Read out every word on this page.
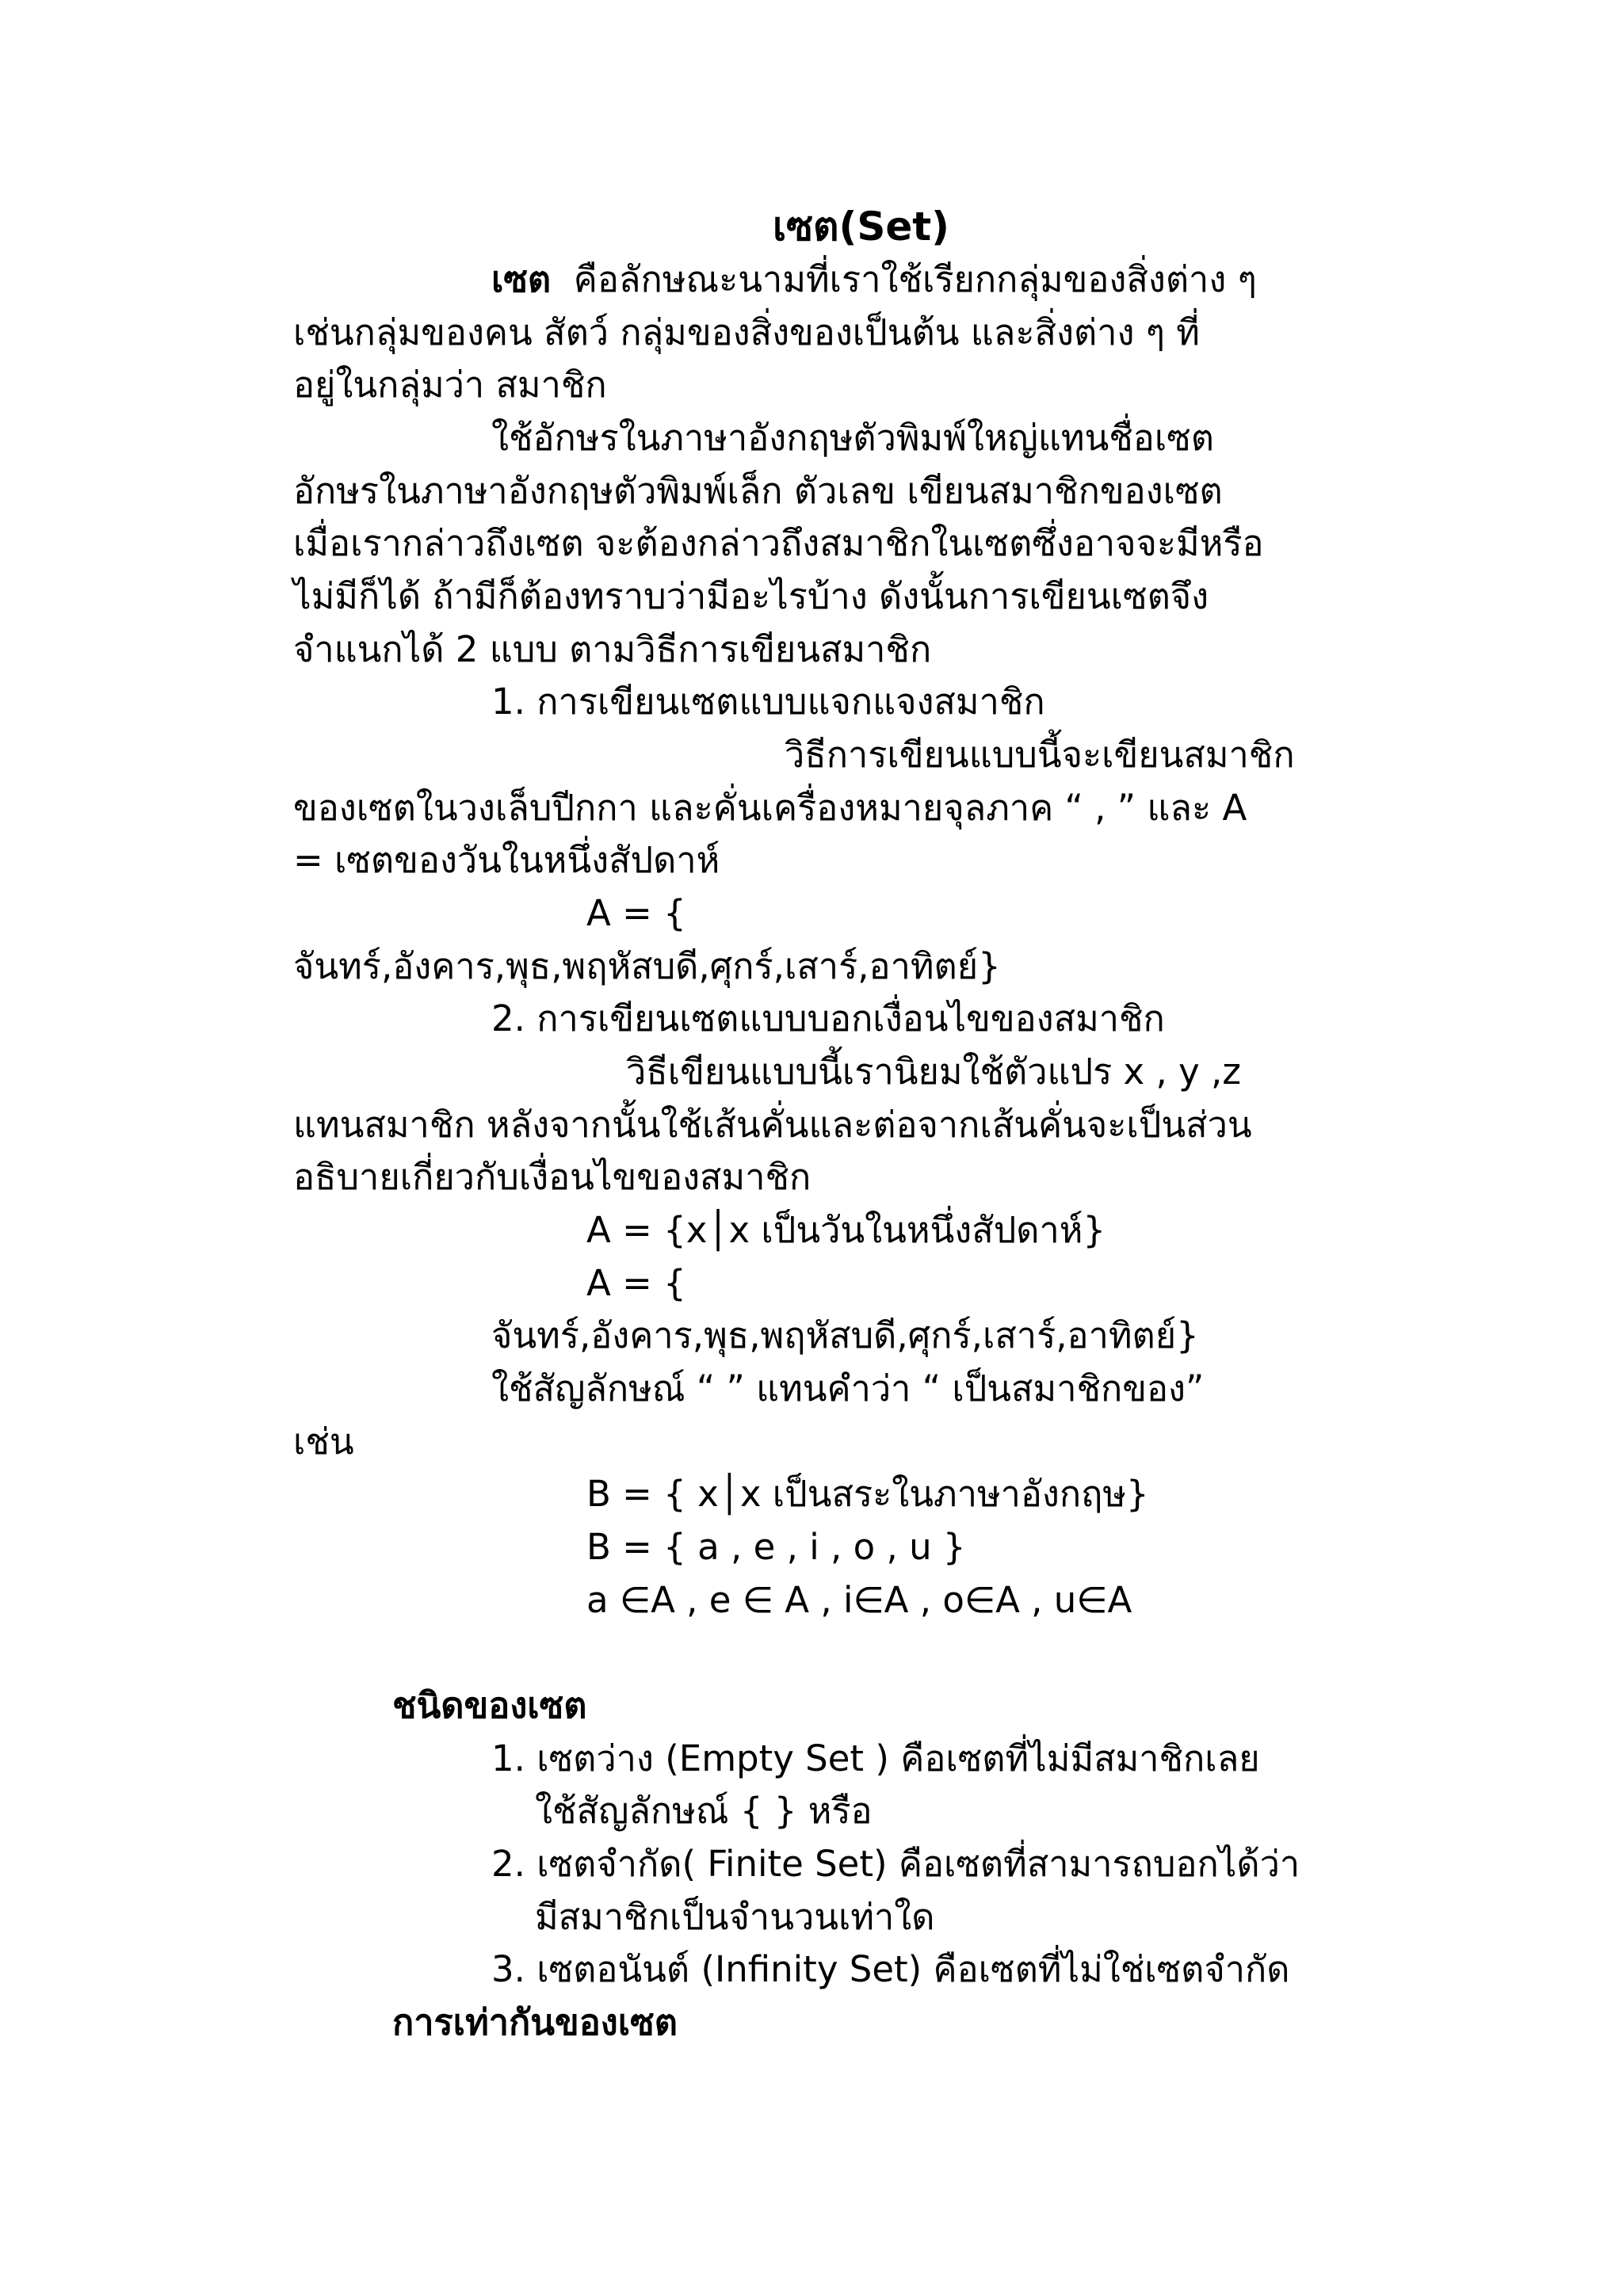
เซต(Set)
เซต คือลักษณะนามที่เราใช้เรียกกลุ่มของสิ่งต่าง ๆ
เช่นกลุ่มของคน สัตว์ กลุ่มของสิ่งของเป็นต้น และสิ่งต่าง ๆ ที่
อยู่ในกลุ่มว่า สมาชิก
ใช้อักษรในภาษาอังกฤษตัวพิมพ์ใหญ่แทนชื่อเซต
อักษรในภาษาอังกฤษตัวพิมพ์เล็ก ตัวเลข เขียนสมาชิกของเซต
เมื่อเรากล่าวถึงเซต จะต้องกล่าวถึงสมาชิกในเซตซึ่งอาจจะมีหรือ
ไม่มีก็ได้ ถ้ามีก็ต้องทราบว่ามีอะไรบ้าง ดังนั้นการเขียนเซตจึง
จำแนกได้ 2 แบบ ตามวิธีการเขียนสมาชิก
1. การเขียนเซตแบบแจกแจงสมาชิก
วิธีการเขียนแบบนี้จะเขียนสมาชิก
ของเซตในวงเล็บปีกกา และคั่นเครื่องหมายจุลภาค “ , ” และ A
= เซตของวันในหนึ่งสัปดาห์
A = {
จันทร์,อังคาร,พุธ,พฤหัสบดี,ศุกร์,เสาร์,อาทิตย์}
2. การเขียนเซตแบบบอกเงื่อนไขของสมาชิก
วิธีเขียนแบบนี้เรานิยมใช้ตัวแปร x , y ,z
แทนสมาชิก หลังจากนั้นใช้เส้นคั่นและต่อจากเส้นคั่นจะเป็นส่วน
อธิบายเกี่ยวกับเงื่อนไขของสมาชิก
A = {x│x เป็นวันในหนึ่งสัปดาห์}
A = {
จันทร์,อังคาร,พุธ,พฤหัสบดี,ศุกร์,เสาร์,อาทิตย์}
ใช้สัญลักษณ์ “ ” แทนคำว่า “ เป็นสมาชิกของ”
เช่น
B = { x│x เป็นสระในภาษาอังกฤษ}
B = { a , e , i , o , u }
a ∈A , e ∈ A , i∈A , o∈A , u∈A
ชนิดของเซต
1. เซตว่าง (Empty Set ) คือเซตที่ไม่มีสมาชิกเลย
ใช้สัญลักษณ์ { } หรือ
2. เซตจำกัด( Finite Set) คือเซตที่สามารถบอกได้ว่า
มีสมาชิกเป็นจำนวนเท่าใด
3. เซตอนันต์ (Infinity Set) คือเซตที่ไม่ใช่เซตจำกัด
การเท่ากันของเซต
